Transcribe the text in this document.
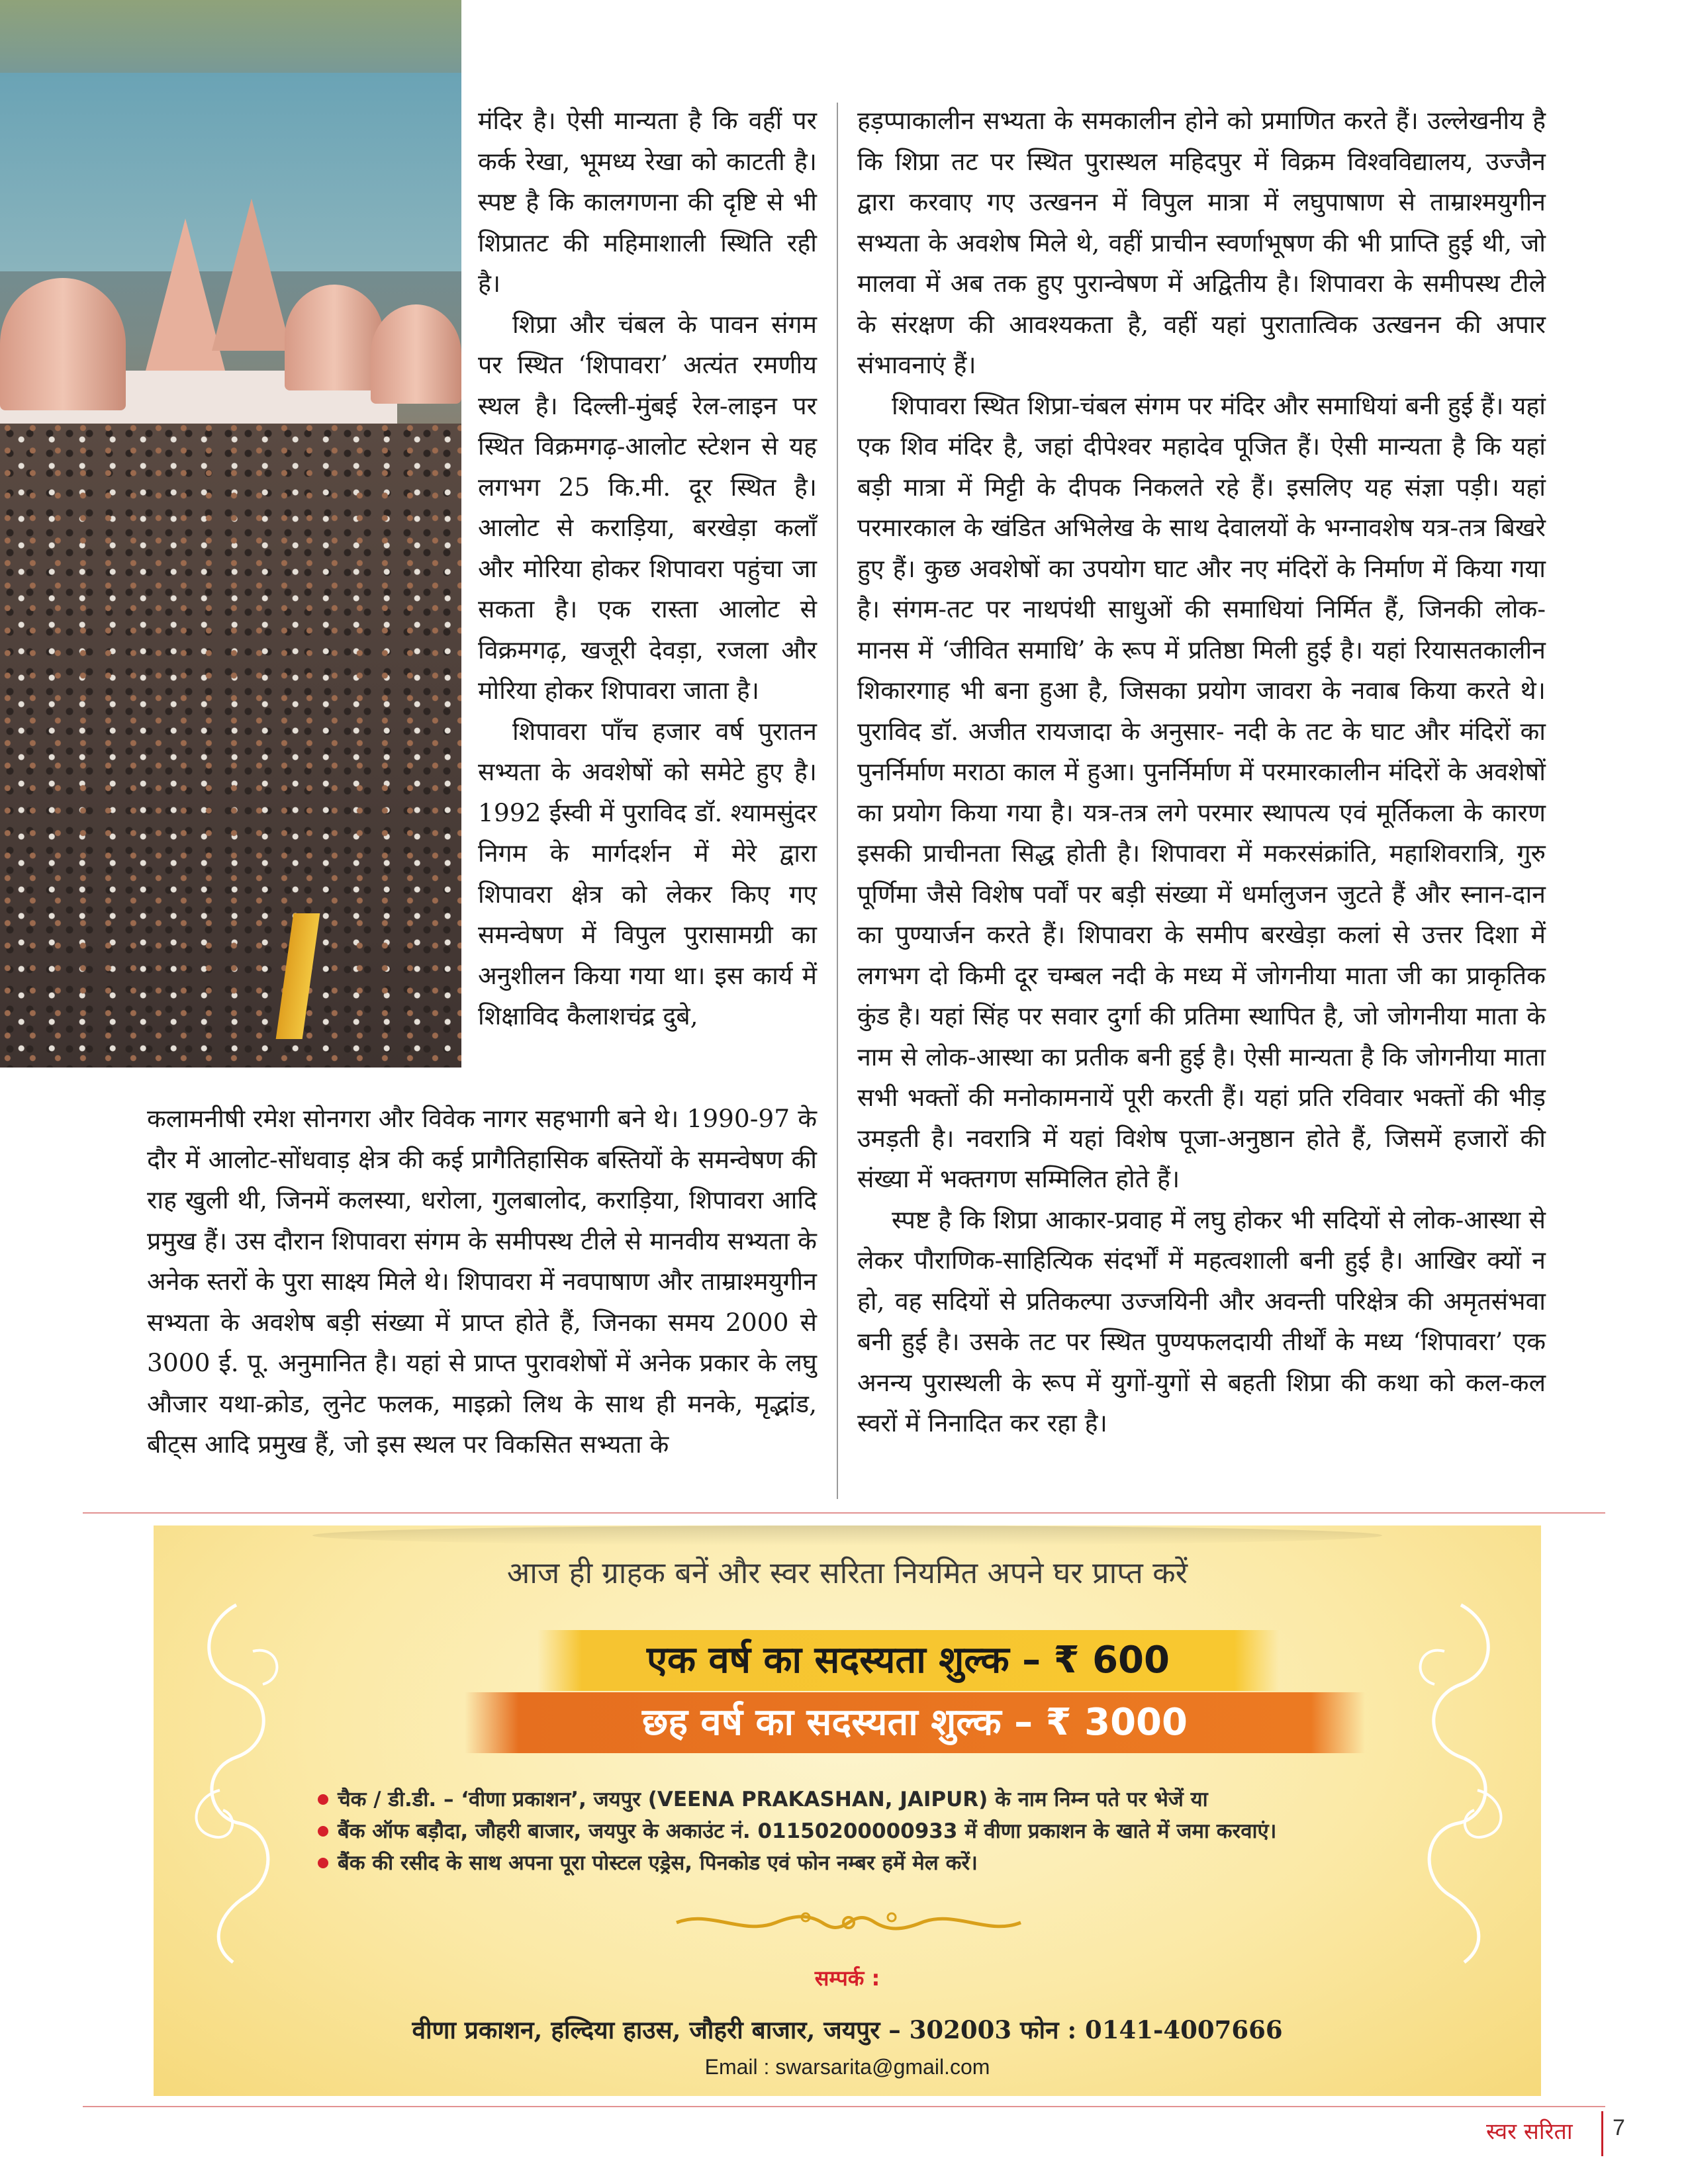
मंदिर है। ऐसी मान्यता है कि वहीं पर कर्क रेखा, भूमध्य रेखा को काटती है। स्पष्ट है कि कालगणना की दृष्टि से भी शिप्रातट की महिमाशाली स्थिति रही है।

शिप्रा और चंबल के पावन संगम पर स्थित ‘शिपावरा’ अत्यंत रमणीय स्थल है। दिल्ली-मुंबई रेल-लाइन पर स्थित विक्रमगढ़-आलोट स्टेशन से यह लगभग 25 कि.मी. दूर स्थित है। आलोट से कराड़िया, बरखेड़ा कलाँ और मोरिया होकर शिपावरा पहुंचा जा सकता है। एक रास्ता आलोट से विक्रमगढ़, खजूरी देवड़ा, रजला और मोरिया होकर शिपावरा जाता है।

शिपावरा पाँच हजार वर्ष पुरातन सभ्यता के अवशेषों को समेटे हुए है। 1992 ईस्वी में पुराविद डॉ. श्यामसुंदर निगम के मार्गदर्शन में मेरे द्वारा शिपावरा क्षेत्र को लेकर किए गए समन्वेषण में विपुल पुरासामग्री का अनुशीलन किया गया था। इस कार्य में शिक्षाविद कैलाशचंद्र दुबे,

कलामनीषी रमेश सोनगरा और विवेक नागर सहभागी बने थे। 1990-97 के दौर में आलोट-सोंधवाड़ क्षेत्र की कई प्रागैतिहासिक बस्तियों के समन्वेषण की राह खुली थी, जिनमें कलस्या, धरोला, गुलबालोद, कराड़िया, शिपावरा आदि प्रमुख हैं। उस दौरान शिपावरा संगम के समीपस्थ टीले से मानवीय सभ्यता के अनेक स्तरों के पुरा साक्ष्य मिले थे। शिपावरा में नवपाषाण और ताम्राश्मयुगीन सभ्यता के अवशेष बड़ी संख्या में प्राप्त होते हैं, जिनका समय 2000 से 3000 ई. पू. अनुमानित है। यहां से प्राप्त पुरावशेषों में अनेक प्रकार के लघु औजार यथा-क्रोड, लुनेट फलक, माइक्रो लिथ के साथ ही मनके, मृद्भांड, बीट्स आदि प्रमुख हैं, जो इस स्थल पर विकसित सभ्यता के

हड़प्पाकालीन सभ्यता के समकालीन होने को प्रमाणित करते हैं। उल्लेखनीय है कि शिप्रा तट पर स्थित पुरास्थल महिदपुर में विक्रम विश्वविद्यालय, उज्जैन द्वारा करवाए गए उत्खनन में विपुल मात्रा में लघुपाषाण से ताम्राश्मयुगीन सभ्यता के अवशेष मिले थे, वहीं प्राचीन स्वर्णाभूषण की भी प्राप्ति हुई थी, जो मालवा में अब तक हुए पुरान्वेषण में अद्वितीय है। शिपावरा के समीपस्थ टीले के संरक्षण की आवश्यकता है, वहीं यहां पुरातात्विक उत्खनन की अपार संभावनाएं हैं।

शिपावरा स्थित शिप्रा-चंबल संगम पर मंदिर और समाधियां बनी हुई हैं। यहां एक शिव मंदिर है, जहां दीपेश्वर महादेव पूजित हैं। ऐसी मान्यता है कि यहां बड़ी मात्रा में मिट्टी के दीपक निकलते रहे हैं। इसलिए यह संज्ञा पड़ी। यहां परमारकाल के खंडित अभिलेख के साथ देवालयों के भग्नावशेष यत्र-तत्र बिखरे हुए हैं। कुछ अवशेषों का उपयोग घाट और नए मंदिरों के निर्माण में किया गया है। संगम-तट पर नाथपंथी साधुओं की समाधियां निर्मित हैं, जिनकी लोक-मानस में ‘जीवित समाधि’ के रूप में प्रतिष्ठा मिली हुई है। यहां रियासतकालीन शिकारगाह भी बना हुआ है, जिसका प्रयोग जावरा के नवाब किया करते थे। पुराविद डॉ. अजीत रायजादा के अनुसार- नदी के तट के घाट और मंदिरों का पुनर्निर्माण मराठा काल में हुआ। पुनर्निर्माण में परमारकालीन मंदिरों के अवशेषों का प्रयोग किया गया है। यत्र-तत्र लगे परमार स्थापत्य एवं मूर्तिकला के कारण इसकी प्राचीनता सिद्ध होती है। शिपावरा में मकरसंक्रांति, महाशिवरात्रि, गुरु पूर्णिमा जैसे विशेष पर्वों पर बड़ी संख्या में धर्मालुजन जुटते हैं और स्नान-दान का पुण्यार्जन करते हैं। शिपावरा के समीप बरखेड़ा कलां से उत्तर दिशा में लगभग दो किमी दूर चम्बल नदी के मध्य में जोगनीया माता जी का प्राकृतिक कुंड है। यहां सिंह पर सवार दुर्गा की प्रतिमा स्थापित है, जो जोगनीया माता के नाम से लोक-आस्था का प्रतीक बनी हुई है। ऐसी मान्यता है कि जोगनीया माता सभी भक्तों की मनोकामनायें पूरी करती हैं। यहां प्रति रविवार भक्तों की भीड़ उमड़ती है। नवरात्रि में यहां विशेष पूजा-अनुष्ठान होते हैं, जिसमें हजारों की संख्या में भक्तगण सम्मिलित होते हैं।

स्पष्ट है कि शिप्रा आकार-प्रवाह में लघु होकर भी सदियों से लोक-आस्था से लेकर पौराणिक-साहित्यिक संदर्भों में महत्वशाली बनी हुई है। आखिर क्यों न हो, वह सदियों से प्रतिकल्पा उज्जयिनी और अवन्ती परिक्षेत्र की अमृतसंभवा बनी हुई है। उसके तट पर स्थित पुण्यफलदायी तीर्थों के मध्य ‘शिपावरा’ एक अनन्य पुरास्थली के रूप में युगों-युगों से बहती शिप्रा की कथा को कल-कल स्वरों में निनादित कर रहा है।

आज ही ग्राहक बनें और स्वर सरिता नियमित अपने घर प्राप्त करें
एक वर्ष का सदस्यता शुल्क – ₹ 600
छह वर्ष का सदस्यता शुल्क – ₹ 3000
चैक / डी.डी. – ‘वीणा प्रकाशन’, जयपुर (VEENA PRAKASHAN, JAIPUR) के नाम निम्न पते पर भेजें या
बैंक ऑफ बड़ौदा, जौहरी बाजार, जयपुर के अकाउंट नं. 01150200000933 में वीणा प्रकाशन के खाते में जमा करवाएं।
बैंक की रसीद के साथ अपना पूरा पोस्टल एड्रेस, पिनकोड एवं फोन नम्बर हमें मेल करें।
सम्पर्क :
वीणा प्रकाशन, हल्दिया हाउस, जौहरी बाजार, जयपुर – 302003 फोन : 0141-4007666
Email : swarsarita@gmail.com
स्वर सरिता 7
